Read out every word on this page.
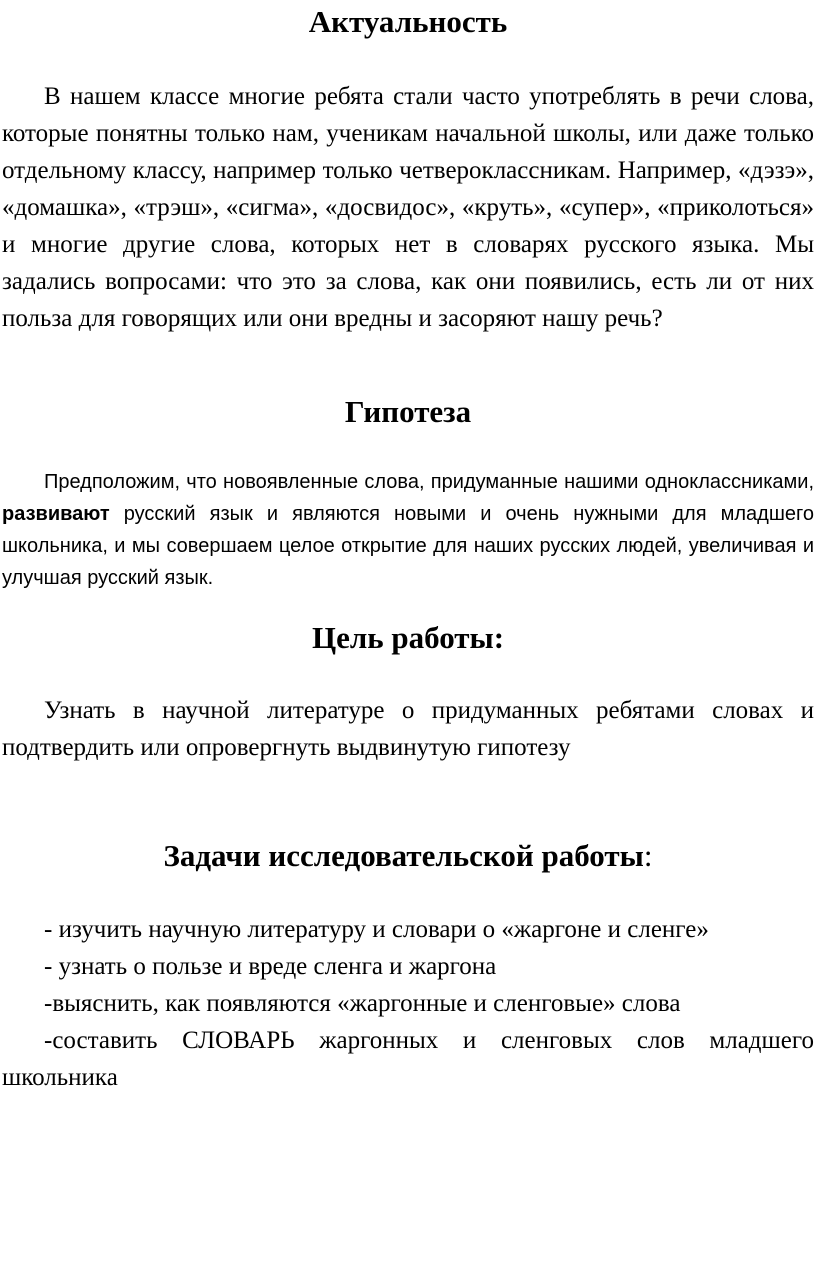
Актуальность

В нашем классе многие ребята стали часто употреблять в речи слова, которые понятны только нам, ученикам начальной школы, или даже только отдельному классу, например только четвероклассникам. Например, «дэзэ», «домашка», «трэш», «сигма», «досвидос», «круть», «супер», «приколоться» и многие другие слова, которых нет в словарях русского языка. Мы задались вопросами: что это за слова, как они появились, есть ли от них польза для говорящих или они вредны и засоряют нашу речь?

Гипотеза

Предположим, что новоявленные слова, придуманные нашими одноклассниками, развивают русский язык и являются новыми и очень нужными для младшего школьника, и мы совершаем целое открытие для наших русских людей, увеличивая и улучшая русский язык.

Цель работы:

Узнать в научной литературе о придуманных ребятами словах и подтвердить или опровергнуть выдвинутую гипотезу

Задачи исследовательской работы:

- изучить научную литературу и словари о «жаргоне и сленге»

- узнать о пользе и вреде сленга и жаргона

-выяснить, как появляются «жаргонные и сленговые» слова

-составить СЛОВАРЬ жаргонных и сленговых слов младшего школьника
